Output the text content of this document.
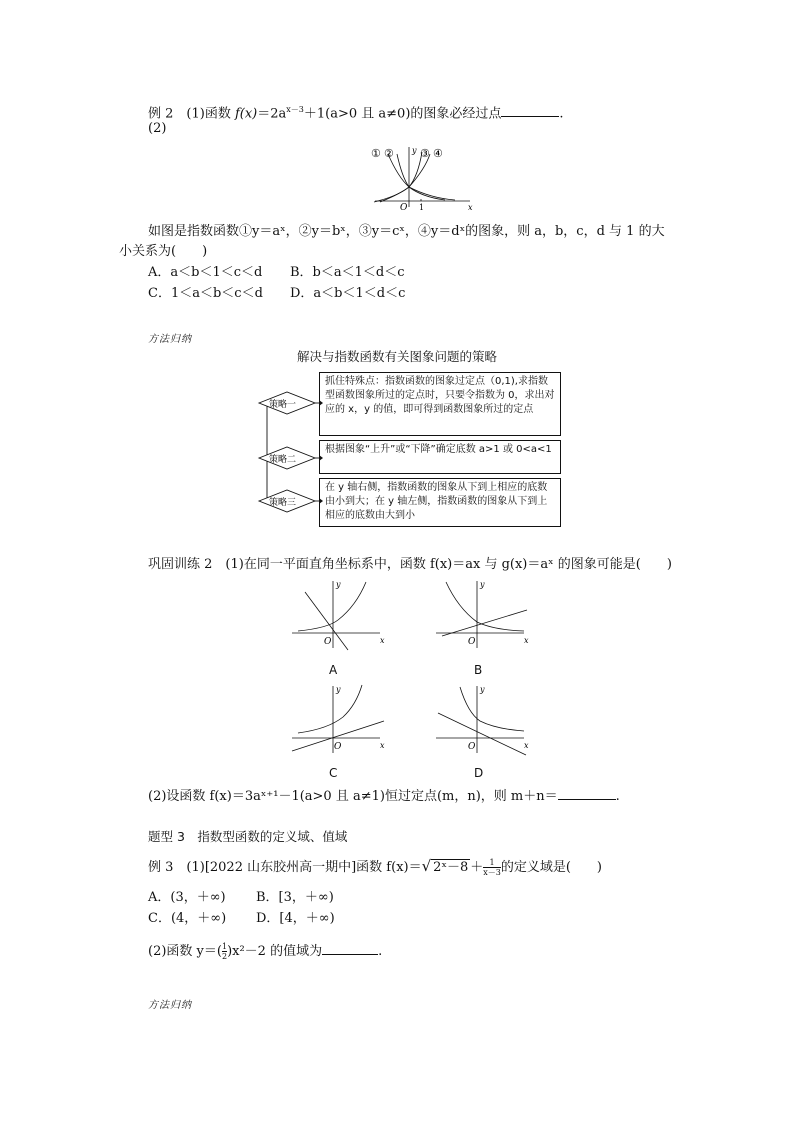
例 2　(1)函数 $f(x)=2a^{x-3}+1(a>0$ 且 a≠0)的图象必经过点	.
(2)
① ② ③ ④
y
O 1	x
如图是指数函数①y＝aˣ，②y＝bˣ，③y＝cˣ，④y＝dˣ的图象，则 a，b，c，d 与 1 的大
小关系为(　　)
A．a＜b＜1＜c＜d B．b＜a＜1＜d＜c
C．1＜a＜b＜c＜d D．a＜b＜1＜d＜c
方法归纳
解决与指数函数有关图象问题的策略
策略一
策略二
策略三
抓住特殊点：指数函数的图象过定点（0,1),求指数型函数图象所过的定点时，只要令指数为 0，求出对应的 x，y 的值，即可得到函数图象所过的定点
根据图象“上升”或“下降”确定底数 a>1 或 0<a<1
在 y 轴右侧，指数函数的图象从下到上相应的底数由小到大；在 y 轴左侧，指数函数的图象从下到上相应的底数由大到小
巩固训练 2　(1)在同一平面直角坐标系中，函数 f(x)＝ax 与 g(x)＝aˣ 的图象可能是(　　)
y
O	x
A
y
O	x
B
y
O	x
C
y
O	x
D
(2)设函数 f(x)＝3aˣ⁺¹－1(a>0 且 a≠1)恒过定点(m，n)，则 m＋n＝	.
题型 3　指数型函数的定义域、值域
例 3　(1)[2022 山东胶州高一期中]函数 f(x)＝√ 2ˣ－8 ＋ $\frac{1}{x-3}$ 的定义域是(　　)
A．(3，＋∞) B．[3，＋∞)
C．(4，＋∞) D．[4，＋∞)
(2)函数 $y=( \frac{1}{2} )x^2-2$ 的值域为	.
方法归纳
